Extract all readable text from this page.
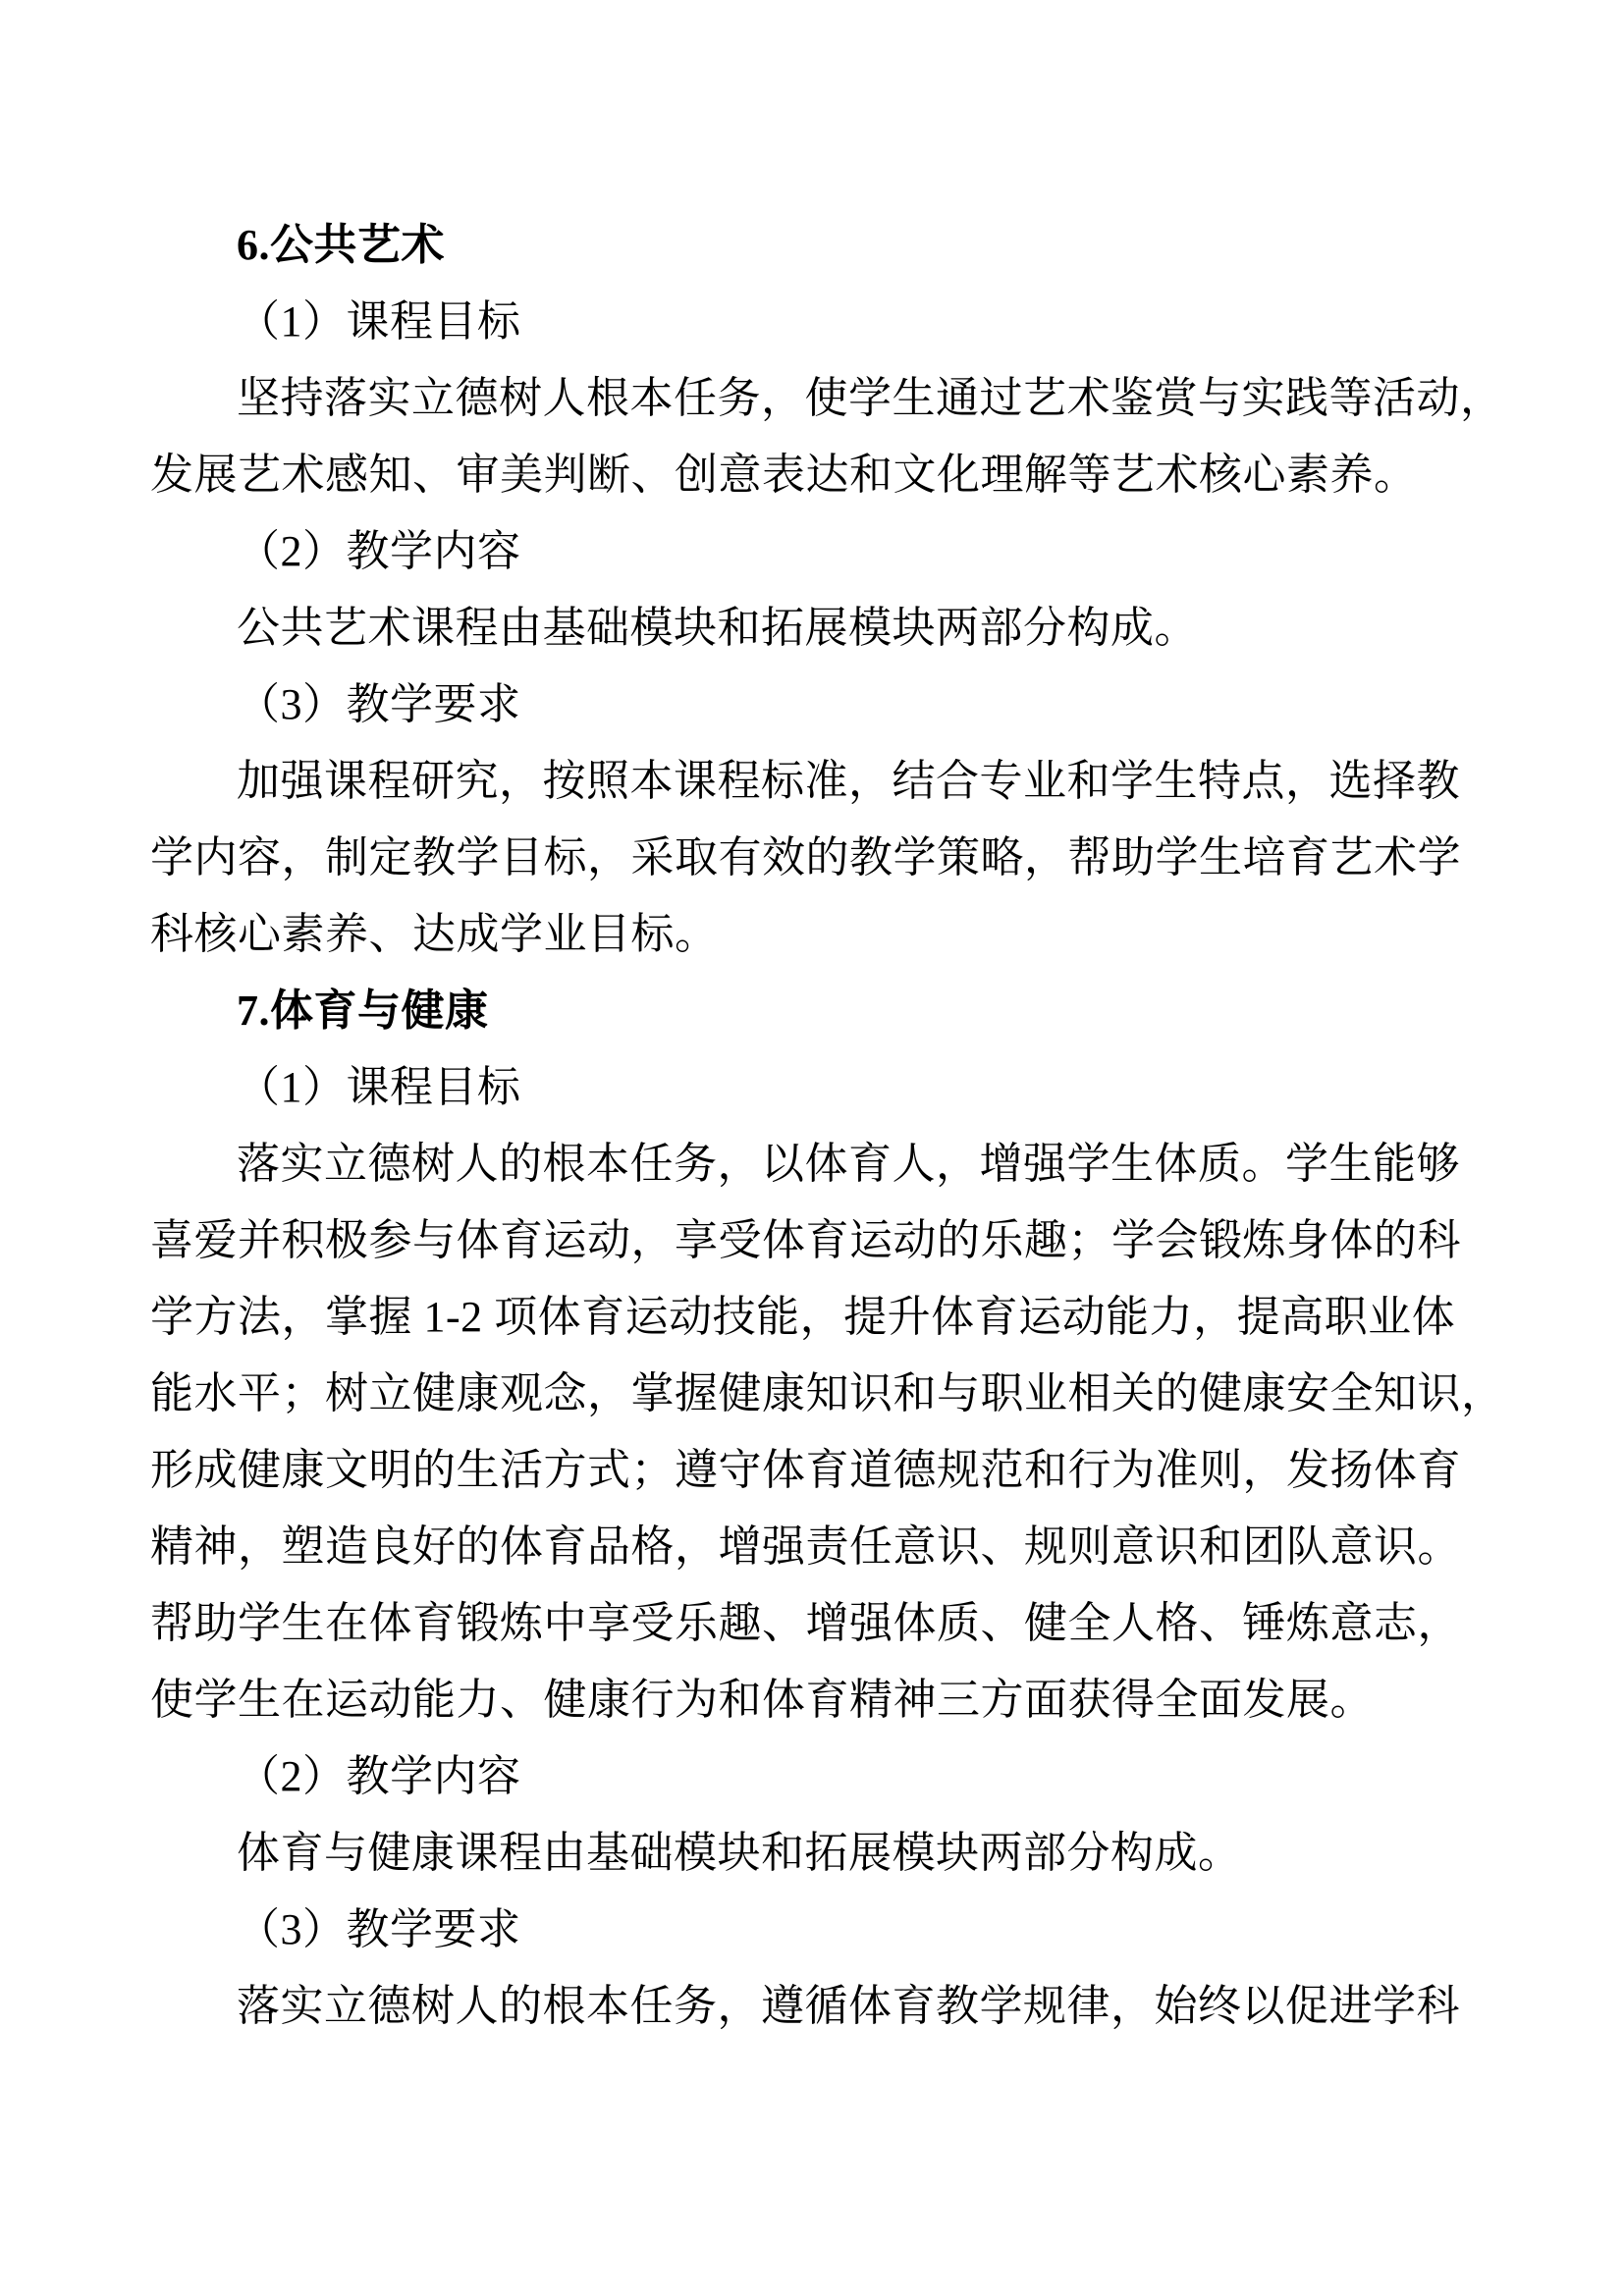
6.公共艺术
（1）课程目标
坚持落实立德树人根本任务，使学生通过艺术鉴赏与实践等活动，
发展艺术感知、审美判断、创意表达和文化理解等艺术核心素养。
（2）教学内容
公共艺术课程由基础模块和拓展模块两部分构成。
（3）教学要求
加强课程研究，按照本课程标准，结合专业和学生特点，选择教
学内容，制定教学目标，采取有效的教学策略，帮助学生培育艺术学
科核心素养、达成学业目标。
7.体育与健康
（1）课程目标
落实立德树人的根本任务，以体育人，增强学生体质。学生能够
喜爱并积极参与体育运动，享受体育运动的乐趣；学会锻炼身体的科
学方法，掌握 1-2 项体育运动技能，提升体育运动能力，提高职业体
能水平；树立健康观念，掌握健康知识和与职业相关的健康安全知识，
形成健康文明的生活方式；遵守体育道德规范和行为准则，发扬体育
精神，塑造良好的体育品格，增强责任意识、规则意识和团队意识。
帮助学生在体育锻炼中享受乐趣、增强体质、健全人格、锤炼意志，
使学生在运动能力、健康行为和体育精神三方面获得全面发展。
（2）教学内容
体育与健康课程由基础模块和拓展模块两部分构成。
（3）教学要求
落实立德树人的根本任务，遵循体育教学规律，始终以促进学科
